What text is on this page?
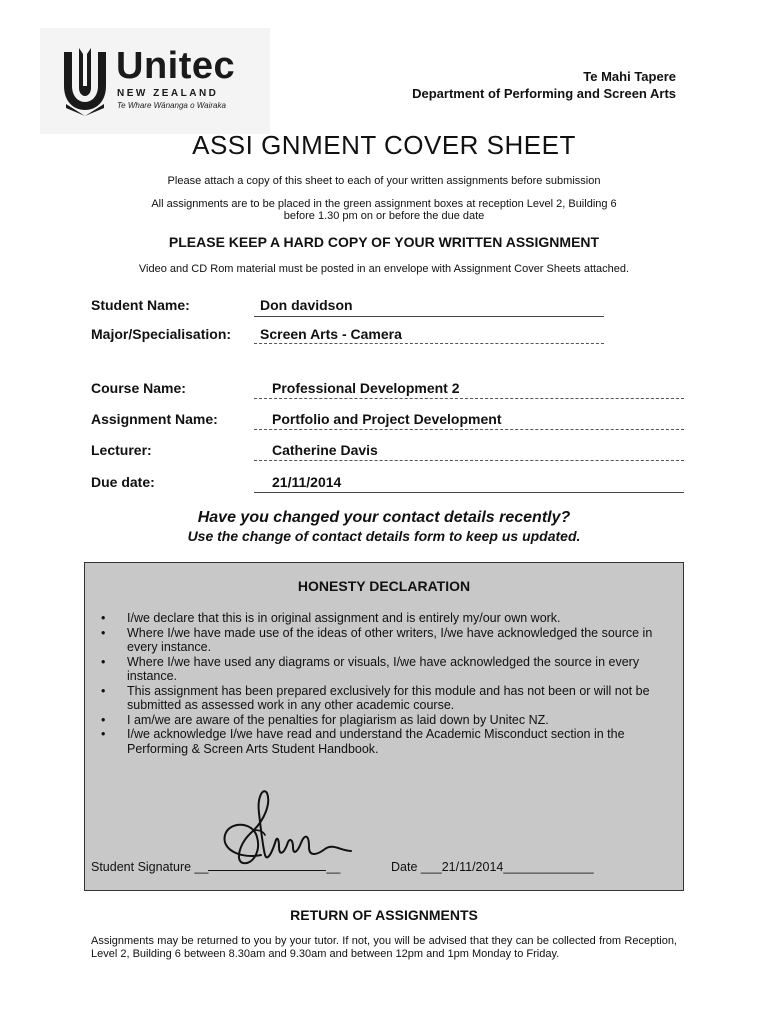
Unitec
NEW ZEALAND
Te Whare Wānanga o Wairaka
Te Mahi Tapere
Department of Performing and Screen Arts
ASSI GNMENT COVER SHEET
Please attach a copy of this sheet to each of your written assignments before submission
All assignments are to be placed in the green assignment boxes at reception Level 2, Building 6
before 1.30 pm on or before the due date
PLEASE KEEP A HARD COPY OF YOUR WRITTEN ASSIGNMENT
Video and CD Rom material must be posted in an envelope with Assignment Cover Sheets attached.
Student Name:	Don davidson
Major/Specialisation: Screen Arts - Camera
Course Name:	Professional Development 2
Assignment Name:	Portfolio and Project Development
Lecturer:	Catherine Davis
Due date:	21/11/2014
Have you changed your contact details recently?
Use the change of contact details form to keep us updated.
HONESTY DECLARATION
• I/we declare that this is in original assignment and is entirely my/our own work.
• Where I/we have made use of the ideas of other writers, I/we have acknowledged the source in every instance.
• Where I/we have used any diagrams or visuals, I/we have acknowledged the source in every instance.
• This assignment has been prepared exclusively for this module and has not been or will not be submitted as assessed work in any other academic course.
• I am/we are aware of the penalties for plagiarism as laid down by Unitec NZ.
• I/we acknowledge I/we have read and understand the Academic Misconduct section in the Performing & Screen Arts Student Handbook.
Student Signature __	__	Date ___21/11/2014_____________
RETURN OF ASSIGNMENTS
Assignments may be returned to you by your tutor. If not, you will be advised that they can be collected from Reception, Level 2, Building 6 between 8.30am and 9.30am and between 12pm and 1pm Monday to Friday.
